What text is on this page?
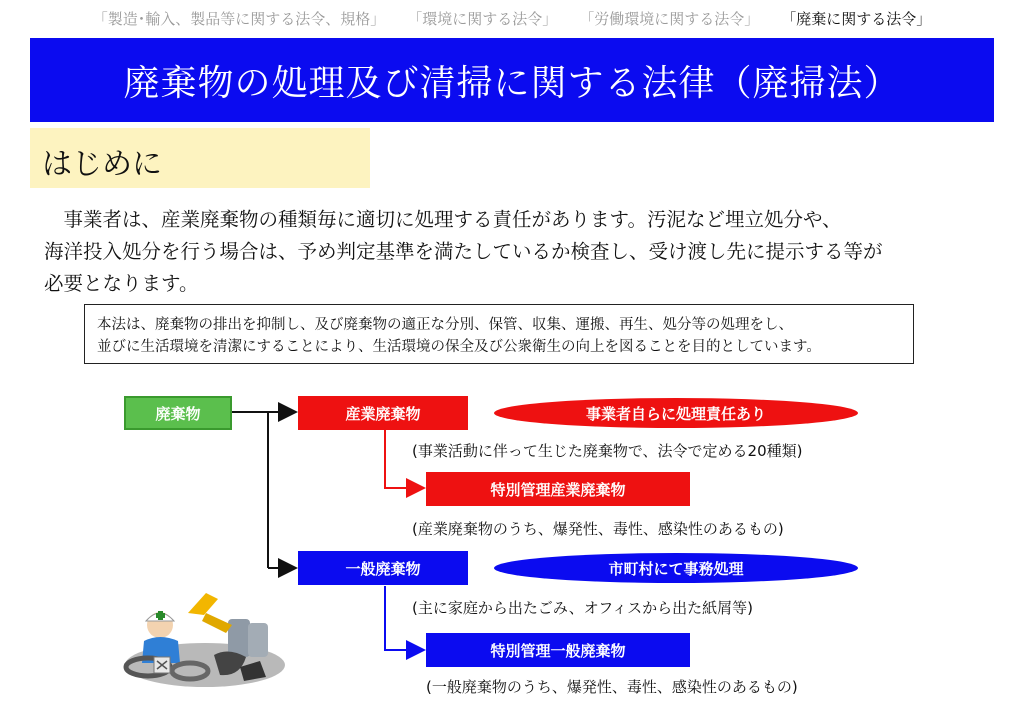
「製造･輸入、製品等に関する法令、規格」 「環境に関する法令」 「労働環境に関する法令」 「廃棄に関する法令」
廃棄物の処理及び清掃に関する法律（廃掃法）
はじめに
　事業者は、産業廃棄物の種類毎に適切に処理する責任があります。汚泥など埋立処分や、
海洋投入処分を行う場合は、予め判定基準を満たしているか検査し、受け渡し先に提示する等が
必要となります。
本法は、廃棄物の排出を抑制し、及び廃棄物の適正な分別、保管、収集、運搬、再生、処分等の処理をし、
並びに生活環境を清潔にすることにより、生活環境の保全及び公衆衛生の向上を図ることを目的としています。
廃棄物	産業廃棄物	事業者自らに処理責任あり
(事業活動に伴って生じた廃棄物で、法令で定める20種類)
特別管理産業廃棄物
(産業廃棄物のうち、爆発性、毒性、感染性のあるもの)
一般廃棄物	市町村にて事務処理
(主に家庭から出たごみ、オフィスから出た紙屑等)
特別管理一般廃棄物
(一般廃棄物のうち、爆発性、毒性、感染性のあるもの)
